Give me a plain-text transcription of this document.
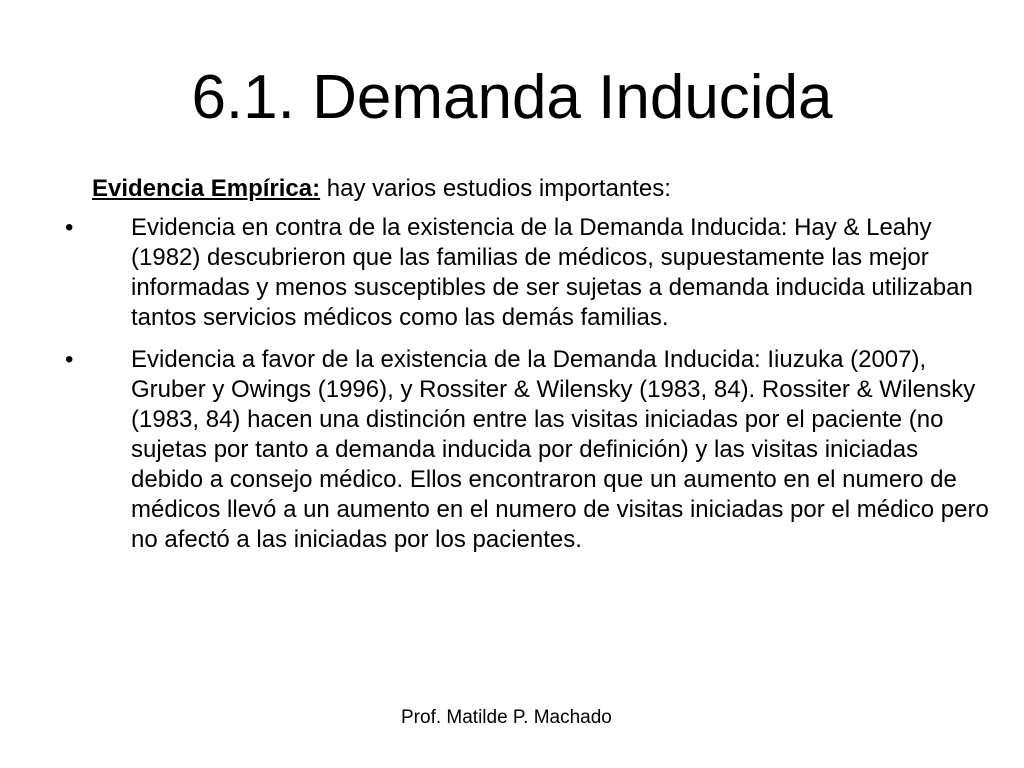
6.1. Demanda Inducida

Evidencia Empírica: hay varios estudios importantes:

•	Evidencia en contra de la existencia de la Demanda Inducida: Hay & Leahy (1982) descubrieron que las familias de médicos, supuestamente las mejor informadas y menos susceptibles de ser sujetas a demanda inducida utilizaban tantos servicios médicos como las demás familias.
•	Evidencia a favor de la existencia de la Demanda Inducida: Iiuzuka (2007), Gruber y Owings (1996), y Rossiter & Wilensky (1983, 84). Rossiter & Wilensky (1983, 84) hacen una distinción entre las visitas iniciadas por el paciente (no sujetas por tanto a demanda inducida por definición) y las visitas iniciadas debido a consejo médico. Ellos encontraron que un aumento en el numero de médicos llevó a un aumento en el numero de visitas iniciadas por el médico pero no afectó a las iniciadas por los pacientes.
Prof. Matilde P. Machado
